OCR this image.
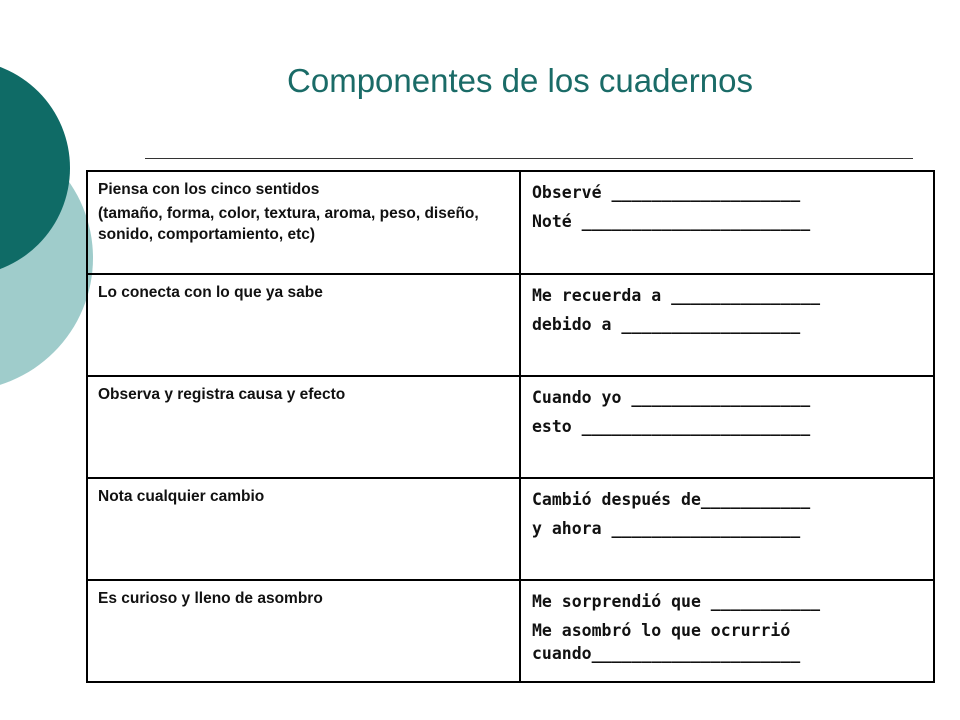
Componentes de los cuadernos
Piensa con los cinco sentidos
(tamaño, forma, color, textura, aroma, peso, diseño, sonido, comportamiento, etc)	Observé ___________________
Noté _______________________

Lo conecta con lo que ya sabe	Me recuerda a _______________
debido a __________________

Observa y registra causa y efecto	Cuando yo __________________
esto _______________________

Nota cualquier cambio	Cambió después de___________
y ahora ___________________

Es curioso y lleno de asombro	Me sorprendió que ___________
Me asombró lo que ocrurrió cuando_____________________
